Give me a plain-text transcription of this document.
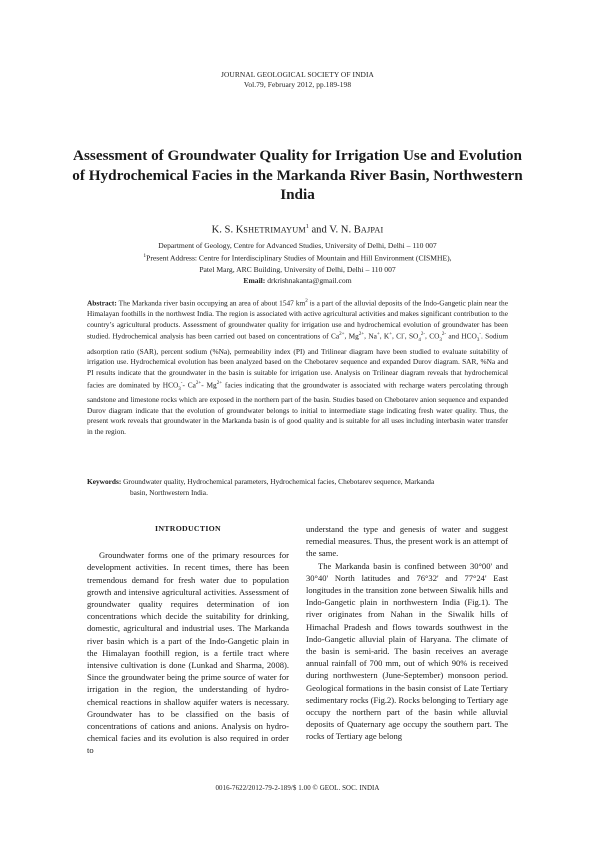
JOURNAL GEOLOGICAL SOCIETY OF INDIA
Vol.79, February 2012, pp.189-198
Assessment of Groundwater Quality for Irrigation Use and Evolution of Hydrochemical Facies in the Markanda River Basin, Northwestern India
K. S. KSHETRIMAYUM$^1$ and V. N. BAJPAI
Department of Geology, Centre for Advanced Studies, University of Delhi, Delhi – 110 007
$^1$Present Address: Centre for Interdisciplinary Studies of Mountain and Hill Environment (CISMHE),
Patel Marg, ARC Building, University of Delhi, Delhi – 110 007
Email: drkrishnakanta@gmail.com
Abstract: The Markanda river basin occupying an area of about 1547 $km^2$ is a part of the alluvial deposits of the Indo-Gangetic plain near the Himalayan foothills in the northwest India. The region is associated with active agricultural activities and makes significant contribution to the country’s agricultural products. Assessment of groundwater quality for irrigation use and hydrochemical evolution of groundwater has been studied. Hydrochemical analysis has been carried out based on concentrations of $Ca^{2+}$, $Mg^{2+}$, Na+, K+, Cl-, $SO_4^{2-}$, $CO_3^{2-}$ and $HCO_3^-$. Sodium adsorption ratio (SAR), percent sodium (%Na), permeability index (PI) and Trilinear diagram have been studied to evaluate suitability of irrigation use. Hydrochemical evolution has been analyzed based on the Chebotarev sequence and expanded Durov diagram. SAR, %Na and PI results indicate that the groundwater in the basin is suitable for irrigation use. Analysis on Trilinear diagram reveals that hydrochemical facies are dominated by $HCO_3^--$ $Ca^{2+}-$ $Mg^{2+}$ facies indicating that the groundwater is associated with recharge waters percolating through sandstone and limestone rocks which are exposed in the northern part of the basin. Studies based on Chebotarev anion sequence and expanded Durov diagram indicate that the evolution of groundwater belongs to initial to intermediate stage indicating fresh water quality. Thus, the present work reveals that groundwater in the Markanda basin is of good quality and is suitable for all uses including interbasin water transfer in the region.
Keywords: Groundwater quality, Hydrochemical parameters, Hydrochemical facies, Chebotarev sequence, Markanda
basin, Northwestern India.
INTRODUCTION

Groundwater forms one of the primary resources for development activities. In recent times, there has been tremendous demand for fresh water due to population growth and intensive agricultural activities. Assessment of groundwater quality requires determination of ion concentrations which decide the suitability for drinking, domestic, agricultural and industrial uses. The Markanda river basin which is a part of the Indo-Gangetic plain in the Himalayan foothill region, is a fertile tract where intensive cultivation is done (Lunkad and Sharma, 2008). Since the groundwater being the prime source of water for irrigation in the region, the understanding of hydro-chemical reactions in shallow aquifer waters is necessary. Groundwater has to be classified on the basis of concentrations of cations and anions. Analysis on hydro-chemical facies and its evolution is also required in order to

understand the type and genesis of water and suggest remedial measures. Thus, the present work is an attempt of the same.

The Markanda basin is confined between 30°00' and 30°40' North latitudes and 76°32' and 77°24' East longitudes in the transition zone between Siwalik hills and Indo-Gangetic plain in northwestern India (Fig.1). The river originates from Nahan in the Siwalik hills of Himachal Pradesh and flows towards southwest in the Indo-Gangetic alluvial plain of Haryana. The climate of the basin is semi-arid. The basin receives an average annual rainfall of 700 mm, out of which 90% is received during northwestern (June-September) monsoon period. Geological formations in the basin consist of Late Tertiary sedimentary rocks (Fig.2). Rocks belonging to Tertiary age occupy the northern part of the basin while alluvial deposits of Quaternary age occupy the southern part. The rocks of Tertiary age belong

0016-7622/2012-79-2-189/$ 1.00 © GEOL. SOC. INDIA
